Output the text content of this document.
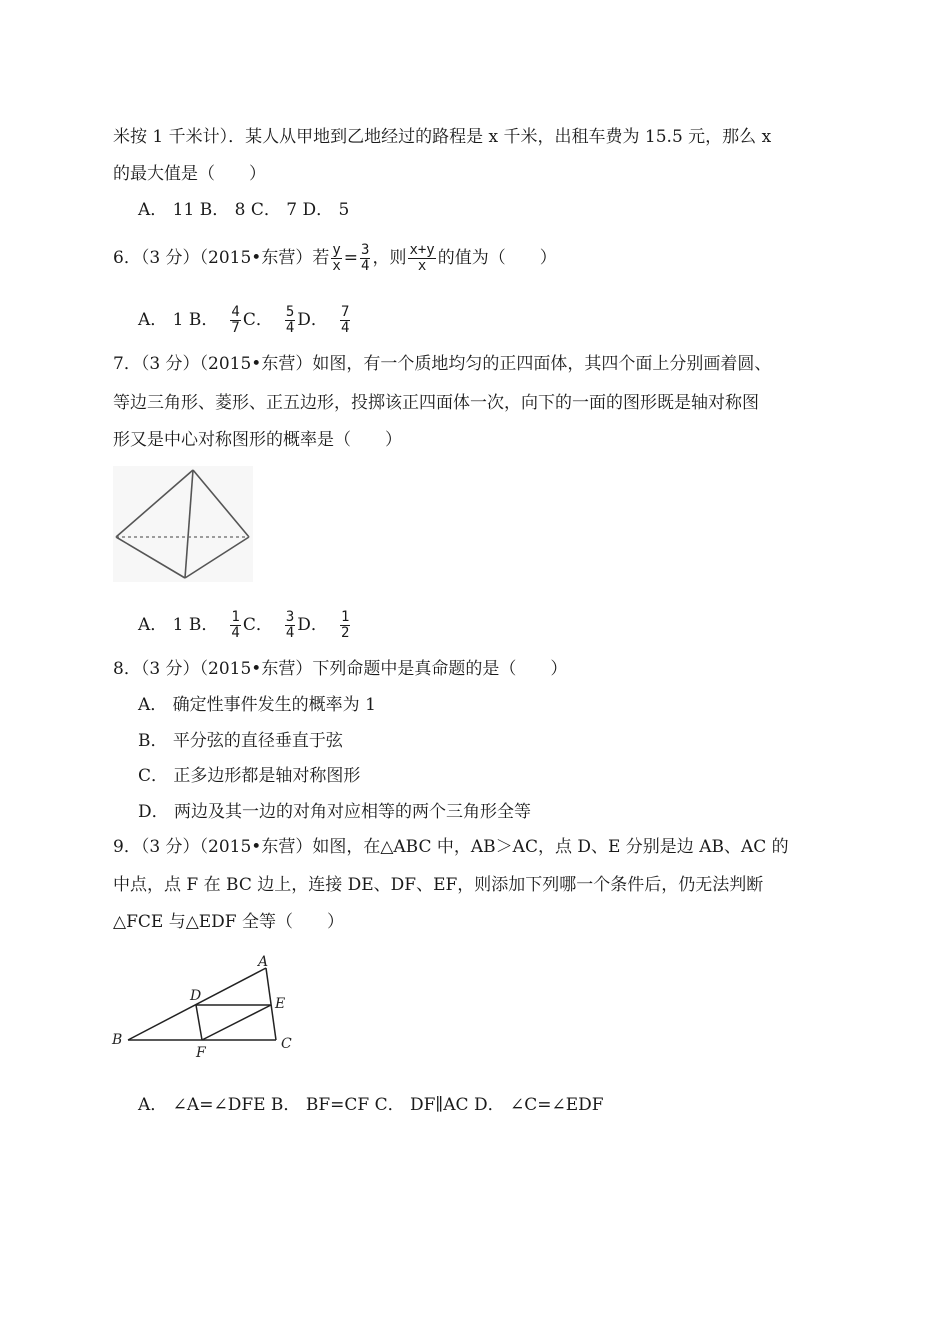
米按 1 千米计）．某人从甲地到乙地经过的路程是 x 千米，出租车费为 15.5 元，那么 x
的最大值是（　　）
A． 11 B． 8 C． 7 D． 5
6．（3 分）（2015•东营）若 $\frac{y}{x} = \frac{3}{4}$ ，则 $\frac{x+y}{x}$ 的值为（　　）
A． 1 B． $\frac{4}{7}$ C． $\frac{5}{4}$ D． $\frac{7}{4}$
7．（3 分）（2015•东营）如图，有一个质地均匀的正四面体，其四个面上分别画着圆、
等边三角形、菱形、正五边形，投掷该正四面体一次，向下的一面的图形既是轴对称图
形又是中心对称图形的概率是（　　）
A． 1 B． $\frac{1}{4}$ C． $\frac{3}{4}$ D． $\frac{1}{2}$
8．（3 分）（2015•东营）下列命题中是真命题的是（　　）
A． 确定性事件发生的概率为 1
B． 平分弦的直径垂直于弦
C． 正多边形都是轴对称图形
D． 两边及其一边的对角对应相等的两个三角形全等
9．（3 分）（2015•东营）如图，在△ABC 中，AB＞AC，点 D、E 分别是边 AB、AC 的
中点，点 F 在 BC 边上，连接 DE、DF、EF，则添加下列哪一个条件后，仍无法判断
△FCE 与△EDF 全等（　　）
A
B	C
D	E
F
A． ∠A=∠DFE B． BF=CF C． DF∥AC D． ∠C=∠EDF
